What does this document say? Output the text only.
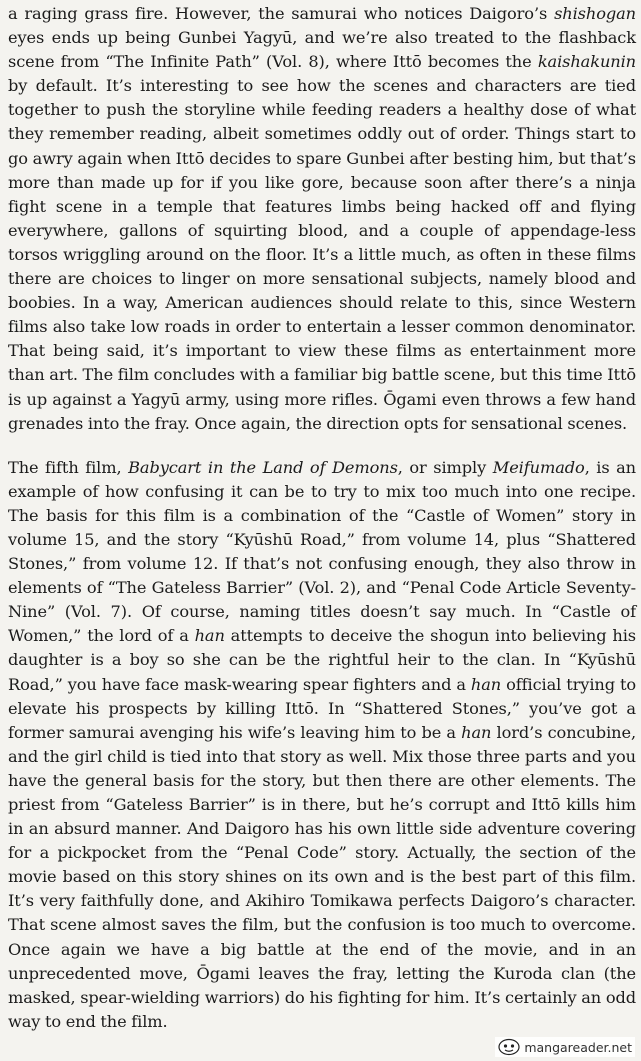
a raging grass fire. However, the samurai who notices Daigoro’s shishogan eyes ends up being Gunbei Yagyū, and we’re also treated to the flashback scene from “The Infinite Path” (Vol. 8), where Ittō becomes the kaishakunin by default. It’s interesting to see how the scenes and characters are tied together to push the storyline while feeding readers a healthy dose of what they remember reading, albeit sometimes oddly out of order. Things start to go awry again when Ittō decides to spare Gunbei after besting him, but that’s more than made up for if you like gore, because soon after there’s a ninja fight scene in a temple that features limbs being hacked off and flying everywhere, gallons of squirting blood, and a couple of appendage-less torsos wriggling around on the floor. It’s a little much, as often in these films there are choices to linger on more sensational subjects, namely blood and boobies. In a way, American audiences should relate to this, since Western films also take low roads in order to entertain a lesser common denominator. That being said, it’s important to view these films as entertainment more than art. The film concludes with a familiar big battle scene, but this time Ittō is up against a Yagyū army, using more rifles. Ōgami even throws a few hand grenades into the fray. Once again, the direction opts for sensational scenes.

The fifth film, Babycart in the Land of Demons, or simply Meifumado, is an example of how confusing it can be to try to mix too much into one recipe. The basis for this film is a combination of the “Castle of Women” story in volume 15, and the story “Kyūshū Road,” from volume 14, plus “Shattered Stones,” from volume 12. If that’s not confusing enough, they also throw in elements of “The Gateless Barrier” (Vol. 2), and “Penal Code Article Seventy-Nine” (Vol. 7). Of course, naming titles doesn’t say much. In “Castle of Women,” the lord of a han attempts to deceive the shogun into believing his daughter is a boy so she can be the rightful heir to the clan. In “Kyūshū Road,” you have face mask-wearing spear fighters and a han official trying to elevate his prospects by killing Ittō. In “Shattered Stones,” you’ve got a former samurai avenging his wife’s leaving him to be a han lord’s concubine, and the girl child is tied into that story as well. Mix those three parts and you have the general basis for the story, but then there are other elements. The priest from “Gateless Barrier” is in there, but he’s corrupt and Ittō kills him in an absurd manner. And Daigoro has his own little side adventure covering for a pickpocket from the “Penal Code” story. Actually, the section of the movie based on this story shines on its own and is the best part of this film. It’s very faithfully done, and Akihiro Tomikawa perfects Daigoro’s character. That scene almost saves the film, but the confusion is too much to overcome. Once again we have a big battle at the end of the movie, and in an unprecedented move, Ōgami leaves the fray, letting the Kuroda clan (the masked, spear-wielding warriors) do his fighting for him. It’s certainly an odd way to end the film.

mangareader.net
